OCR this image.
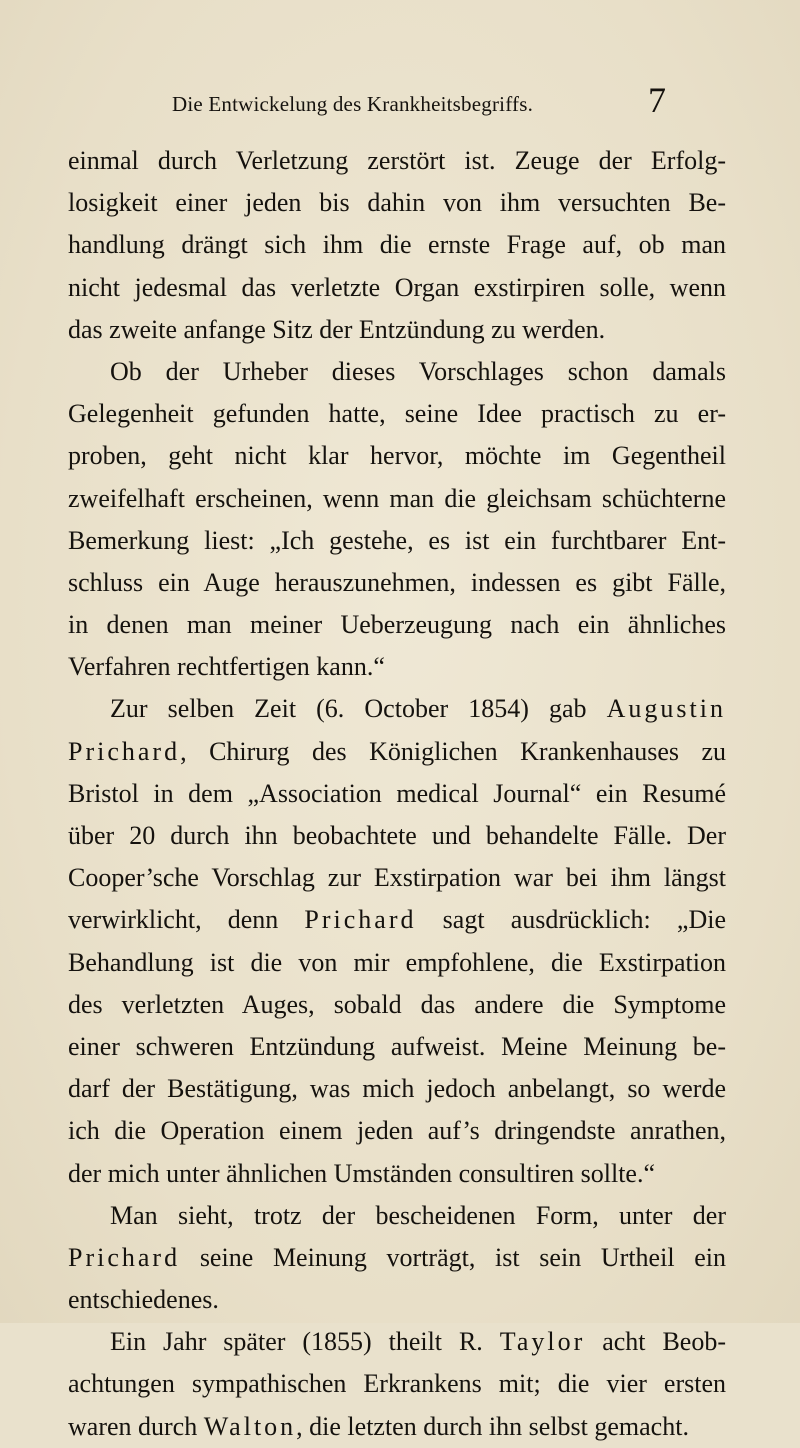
Die Entwickelung des Krankheitsbegriffs.	7
einmal durch Verletzung zerstört ist. Zeuge der Erfolg-
losigkeit einer jeden bis dahin von ihm versuchten Be-
handlung drängt sich ihm die ernste Frage auf, ob man
nicht jedesmal das verletzte Organ exstirpiren solle, wenn
das zweite anfange Sitz der Entzündung zu werden.
Ob der Urheber dieses Vorschlages schon damals
Gelegenheit gefunden hatte, seine Idee practisch zu er-
proben, geht nicht klar hervor, möchte im Gegentheil
zweifelhaft erscheinen, wenn man die gleichsam schüchterne
Bemerkung liest: „Ich gestehe, es ist ein furchtbarer Ent-
schluss ein Auge herauszunehmen, indessen es gibt Fälle,
in denen man meiner Ueberzeugung nach ein ähnliches
Verfahren rechtfertigen kann.“
Zur selben Zeit (6. October 1854) gab Augustin
Prichard, Chirurg des Königlichen Krankenhauses zu
Bristol in dem „Association medical Journal“ ein Resumé
über 20 durch ihn beobachtete und behandelte Fälle. Der
Cooper’sche Vorschlag zur Exstirpation war bei ihm längst
verwirklicht, denn Prichard sagt ausdrücklich: „Die
Behandlung ist die von mir empfohlene, die Exstirpation
des verletzten Auges, sobald das andere die Symptome
einer schweren Entzündung aufweist. Meine Meinung be-
darf der Bestätigung, was mich jedoch anbelangt, so werde
ich die Operation einem jeden auf’s dringendste anrathen,
der mich unter ähnlichen Umständen consultiren sollte.“
Man sieht, trotz der bescheidenen Form, unter der
Prichard seine Meinung vorträgt, ist sein Urtheil ein
entschiedenes.
Ein Jahr später (1855) theilt R. Taylor acht Beob-
achtungen sympathischen Erkrankens mit; die vier ersten
waren durch Walton, die letzten durch ihn selbst gemacht.
